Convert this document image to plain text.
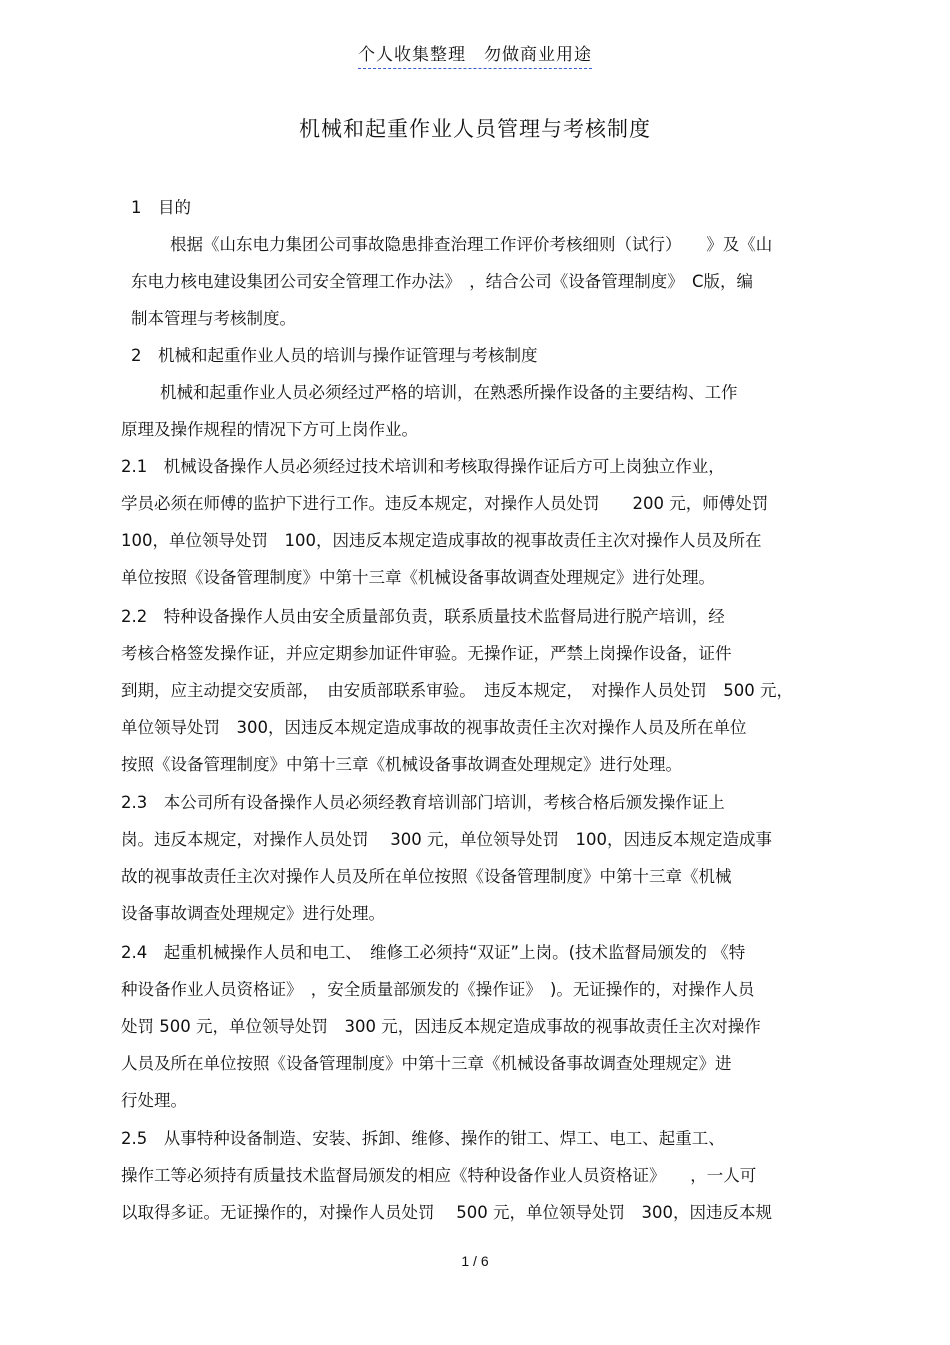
个人收集整理　勿做商业用途
机械和起重作业人员管理与考核制度
1　目的
根据《山东电力集团公司事故隐患排查治理工作评价考核细则（试行）　　》及《山
东电力核电建设集团公司安全管理工作办法》　，结合公司《设备管理制度》　C版，编
制本管理与考核制度。
2　机械和起重作业人员的培训与操作证管理与考核制度
机械和起重作业人员必须经过严格的培训，在熟悉所操作设备的主要结构、工作
原理及操作规程的情况下方可上岗作业。
2.1　机械设备操作人员必须经过技术培训和考核取得操作证后方可上岗独立作业，
学员必须在师傅的监护下进行工作。违反本规定，对操作人员处罚　　200 元，师傅处罚
100，单位领导处罚　100，因违反本规定造成事故的视事故责任主次对操作人员及所在
单位按照《设备管理制度》中第十三章《机械设备事故调查处理规定》进行处理。
2.2　特种设备操作人员由安全质量部负责，联系质量技术监督局进行脱产培训，经
考核合格签发操作证，并应定期参加证件审验。无操作证，严禁上岗操作设备，证件
到期，应主动提交安质部，　由安质部联系审验。　违反本规定，　对操作人员处罚　500 元，
单位领导处罚　300，因违反本规定造成事故的视事故责任主次对操作人员及所在单位
按照《设备管理制度》中第十三章《机械设备事故调查处理规定》进行处理。
2.3　本公司所有设备操作人员必须经教育培训部门培训，考核合格后颁发操作证上
岗。违反本规定，对操作人员处罚　 300 元，单位领导处罚　100，因违反本规定造成事
故的视事故责任主次对操作人员及所在单位按照《设备管理制度》中第十三章《机械
设备事故调查处理规定》进行处理。
2.4　起重机械操作人员和电工、　维修工必须持“双证”上岗。(技术监督局颁发的 《特
种设备作业人员资格证》　，安全质量部颁发的《操作证》　)。无证操作的，对操作人员
处罚 500 元，单位领导处罚　300 元，因违反本规定造成事故的视事故责任主次对操作
人员及所在单位按照《设备管理制度》中第十三章《机械设备事故调查处理规定》进
行处理。
2.5　从事特种设备制造、安装、拆卸、维修、操作的钳工、焊工、电工、起重工、
操作工等必须持有质量技术监督局颁发的相应《特种设备作业人员资格证》　　，一人可
以取得多证。无证操作的，对操作人员处罚　 500 元，单位领导处罚　300，因违反本规
1 / 6
